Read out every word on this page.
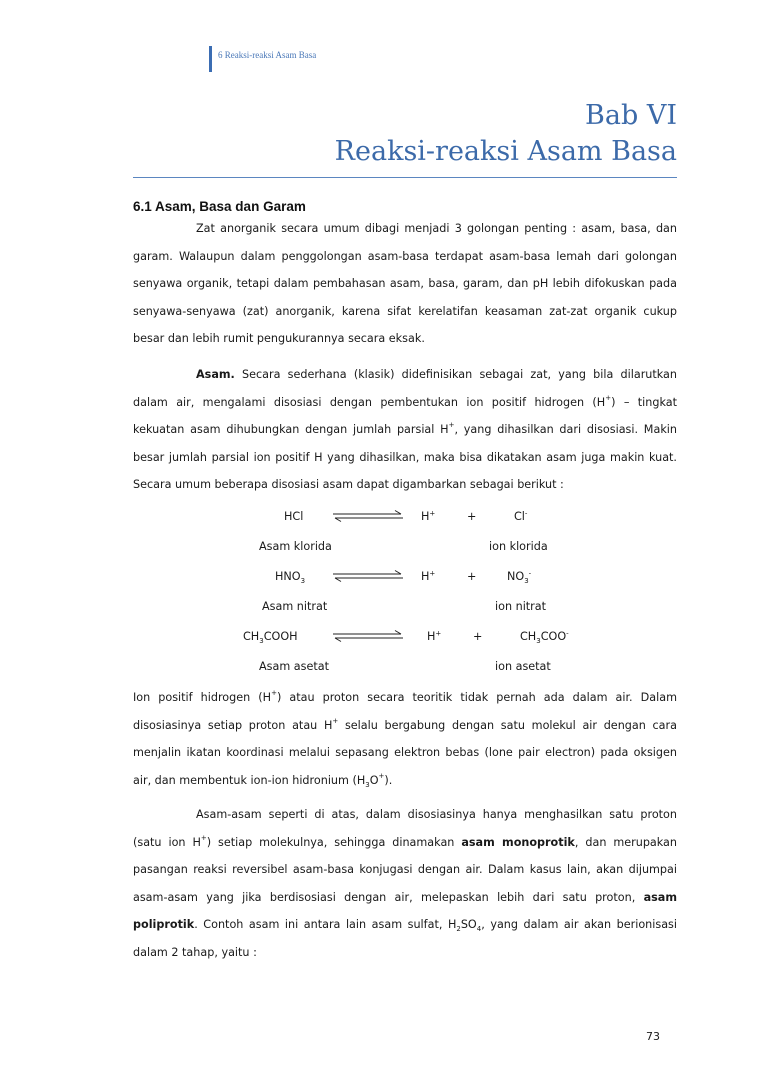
6 Reaksi-reaksi Asam Basa
Bab VI
Reaksi-reaksi Asam Basa
6.1 Asam, Basa dan Garam
Zat anorganik secara umum dibagi menjadi 3 golongan penting : asam, basa, dan garam. Walaupun dalam penggolongan asam-basa terdapat asam-basa lemah dari golongan senyawa organik, tetapi dalam pembahasan asam, basa, garam, dan pH lebih difokuskan pada senyawa-senyawa (zat) anorganik, karena sifat kerelatifan keasaman zat-zat organik cukup besar dan lebih rumit pengukurannya secara eksak.
Asam. Secara sederhana (klasik) didefinisikan sebagai zat, yang bila dilarutkan dalam air, mengalami disosiasi dengan pembentukan ion positif hidrogen (H+) – tingkat kekuatan asam dihubungkan dengan jumlah parsial H+, yang dihasilkan dari disosiasi. Makin besar jumlah parsial ion positif H yang dihasilkan, maka bisa dikatakan asam juga makin kuat. Secara umum beberapa disosiasi asam dapat digambarkan sebagai berikut :
HCl	H+	+	Cl-
Asam klorida	ion klorida
$HNO_3$	H+	+	$NO_3^-$
Asam nitrat	ion nitrat
$CH_3COOH$	H+	+	$CH_3COO^-$
Asam asetat	ion asetat
Ion positif hidrogen (H+) atau proton secara teoritik tidak pernah ada dalam air. Dalam disosiasinya setiap proton atau H+ selalu bergabung dengan satu molekul air dengan cara menjalin ikatan koordinasi melalui sepasang elektron bebas (lone pair electron) pada oksigen air, dan membentuk ion-ion hidronium $(H_3O^+)$.
Asam-asam seperti di atas, dalam disosiasinya hanya menghasilkan satu proton (satu ion H+) setiap molekulnya, sehingga dinamakan asam monoprotik, dan merupakan pasangan reaksi reversibel asam-basa konjugasi dengan air. Dalam kasus lain, akan dijumpai asam-asam yang jika berdisosiasi dengan air, melepaskan lebih dari satu proton, asam poliprotik. Contoh asam ini antara lain asam sulfat, $H_2SO_4$, yang dalam air akan berionisasi dalam 2 tahap, yaitu :
73
